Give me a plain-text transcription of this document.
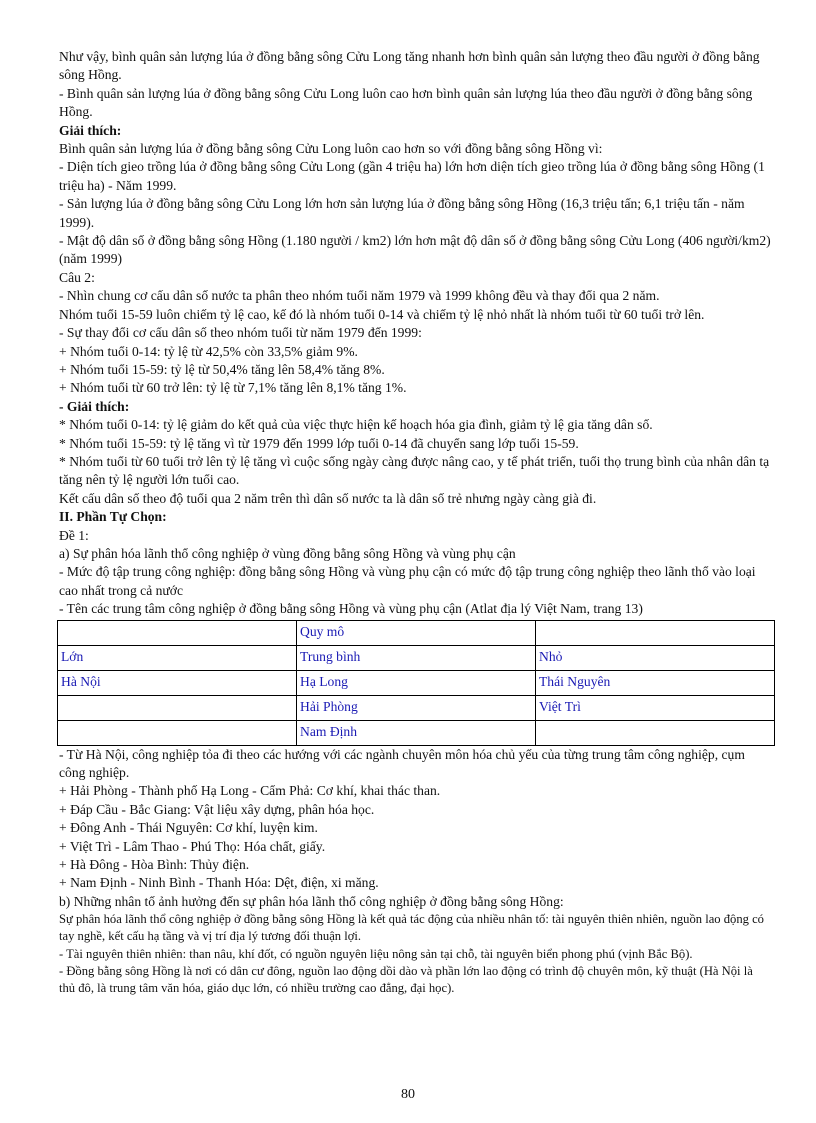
Như vậy, bình quân sản lượng lúa ở đồng bằng sông Cửu Long tăng nhanh hơn bình quân sản lượng theo đầu người ở đồng bằng sông Hồng.

- Bình quân sản lượng lúa ở đồng bằng sông Cửu Long luôn cao hơn bình quân sản lượng lúa theo đầu người ở đồng bằng sông Hồng.

Giải thích:

Bình quân sản lượng lúa ở đồng bằng sông Cửu Long luôn cao hơn so với đồng bằng sông Hồng vì:

- Diện tích gieo trồng lúa ở đồng bằng sông Cửu Long (gần 4 triệu ha) lớn hơn diện tích gieo trồng lúa ở đồng bằng sông Hồng (1 triệu ha) - Năm 1999.

- Sản lượng lúa ở đồng bằng sông Cửu Long lớn hơn sản lượng lúa ở đồng bằng sông Hồng (16,3 triệu tấn; 6,1 triệu tấn - năm 1999).

- Mật độ dân số ở đồng bằng sông Hồng (1.180 người / km2) lớn hơn mật độ dân số ở đồng bằng sông Cửu Long (406 người/km2) (năm 1999)

Câu 2:

- Nhìn chung cơ cấu dân số nước ta phân theo nhóm tuổi năm 1979 và 1999 không đều và thay đổi qua 2 năm.

Nhóm tuổi 15-59 luôn chiếm tỷ lệ cao, kế đó là nhóm tuổi 0-14 và chiếm tỷ lệ nhỏ nhất là nhóm tuổi từ 60 tuổi trở lên.

- Sự thay đổi cơ cấu dân số theo nhóm tuổi từ năm 1979 đến 1999:

+ Nhóm tuổi 0-14: tỷ lệ từ 42,5% còn 33,5% giảm 9%.

+ Nhóm tuổi 15-59: tỷ lệ từ 50,4% tăng lên 58,4% tăng 8%.

+ Nhóm tuổi từ 60 trở lên: tỷ lệ từ 7,1% tăng lên 8,1% tăng 1%.

- Giải thích:

* Nhóm tuổi 0-14: tỷ lệ giảm do kết quả của việc thực hiện kế hoạch hóa gia đình, giảm tỷ lệ gia tăng dân số.

* Nhóm tuổi 15-59: tỷ lệ tăng vì từ 1979 đến 1999 lớp tuổi 0-14 đã chuyển sang lớp tuổi 15-59.

* Nhóm tuổi từ 60 tuổi trở lên tỷ lệ tăng vì cuộc sống ngày càng được nâng cao, y tế phát triển, tuổi thọ trung bình của nhân dân tạ tăng nên tỷ lệ người lớn tuổi cao.

Kết cấu dân số theo độ tuổi qua 2 năm trên thì dân số nước ta là dân số trẻ nhưng ngày càng già đi.

II. Phần Tự Chọn:

Đề 1:

a) Sự phân hóa lãnh thổ công nghiệp ở vùng đồng bằng sông Hồng và vùng phụ cận

- Mức độ tập trung công nghiệp: đồng bằng sông Hồng và vùng phụ cận có mức độ tập trung công nghiệp theo lãnh thổ vào loại cao nhất trong cả nước

- Tên các trung tâm công nghiệp ở đồng bằng sông Hồng và vùng phụ cận (Atlat địa lý Việt Nam, trang 13)

	Quy mô	
Lớn	Trung bình	Nhỏ
Hà Nội	Hạ Long	Thái Nguyên
	Hải Phòng	Việt Trì
	Nam Định	

- Từ Hà Nội, công nghiệp tỏa đi theo các hướng với các ngành chuyên môn hóa chủ yếu của từng trung tâm công nghiệp, cụm công nghiệp.

+ Hải Phòng - Thành phố Hạ Long - Cẩm Phả: Cơ khí, khai thác than.

+ Đáp Cầu - Bắc Giang: Vật liệu xây dựng, phân hóa học.

+ Đông Anh - Thái Nguyên: Cơ khí, luyện kim.

+ Việt Trì - Lâm Thao - Phú Thọ: Hóa chất, giấy.

+ Hà Đông - Hòa Bình: Thủy điện.

+ Nam Định - Ninh Bình - Thanh Hóa: Dệt, điện, xi măng.

b) Những nhân tố ảnh hưởng đến sự phân hóa lãnh thổ công nghiệp ở đồng bằng sông Hồng:

Sự phân hóa lãnh thổ công nghiệp ở đồng bằng sông Hồng là kết quả tác động của nhiều nhân tố: tài nguyên thiên nhiên, nguồn lao động có tay nghề, kết cấu hạ tầng và vị trí địa lý tương đối thuận lợi.

- Tài nguyên thiên nhiên: than nâu, khí đốt, có nguồn nguyên liệu nông sản tại chỗ, tài nguyên biển phong phú (vịnh Bắc Bộ).

- Đồng bằng sông Hồng là nơi có dân cư đông, nguồn lao động dồi dào và phần lớn lao động có trình độ chuyên môn, kỹ thuật (Hà Nội là thủ đô, là trung tâm văn hóa, giáo dục lớn, có nhiều trường cao đẳng, đại học).

80
